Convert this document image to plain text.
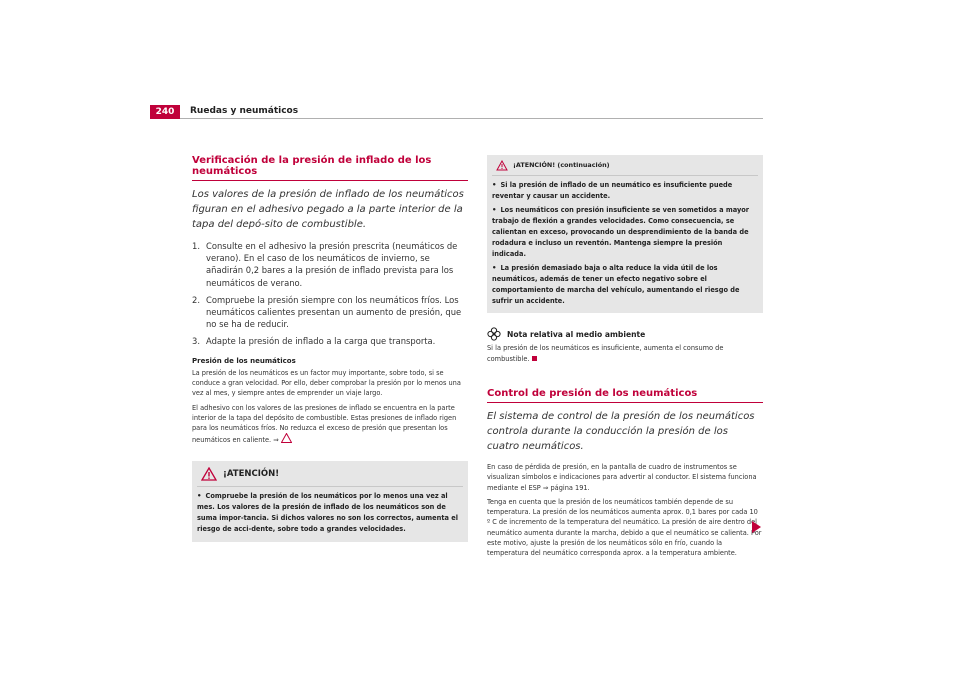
240	Ruedas y neumáticos
Verificación de la presión de inflado de los neumáticos
Los valores de la presión de inflado de los neumáticos figuran en el adhesivo pegado a la parte interior de la tapa del depó-sito de combustible.
1. Consulte en el adhesivo la presión prescrita (neumáticos de verano). En el caso de los neumáticos de invierno, se añadirán 0,2 bares a la presión de inflado prevista para los neumáticos de verano.
2. Compruebe la presión siempre con los neumáticos fríos. Los neumáticos calientes presentan un aumento de presión, que no se ha de reducir.
3. Adapte la presión de inflado a la carga que transporta.
Presión de los neumáticos

La presión de los neumáticos es un factor muy importante, sobre todo, si se conduce a gran velocidad. Por ello, deber comprobar la presión por lo menos una vez al mes, y siempre antes de emprender un viaje largo.

El adhesivo con los valores de las presiones de inflado se encuentra en la parte interior de la tapa del depósito de combustible. Estas presiones de inflado rigen para los neumáticos fríos. No reduzca el exceso de presión que presentan los neumáticos en caliente. ⇒

¡ATENCIÓN!
• Compruebe la presión de los neumáticos por lo menos una vez al mes. Los valores de la presión de inflado de los neumáticos son de suma impor-tancia. Si dichos valores no son los correctos, aumenta el riesgo de acci-dente, sobre todo a grandes velocidades.
¡ATENCIÓN! (continuación)
• Si la presión de inflado de un neumático es insuficiente puede reventar y causar un accidente.
• Los neumáticos con presión insuficiente se ven sometidos a mayor trabajo de flexión a grandes velocidades. Como consecuencia, se calientan en exceso, provocando un desprendimiento de la banda de rodadura e incluso un reventón. Mantenga siempre la presión indicada.
• La presión demasiado baja o alta reduce la vida útil de los neumáticos, además de tener un efecto negativo sobre el comportamiento de marcha del vehículo, aumentando el riesgo de sufrir un accidente.
Nota relativa al medio ambiente
Si la presión de los neumáticos es insuficiente, aumenta el consumo de combustible.
Control de presión de los neumáticos
El sistema de control de la presión de los neumáticos controla durante la conducción la presión de los cuatro neumáticos.

En caso de pérdida de presión, en la pantalla de cuadro de instrumentos se visualizan símbolos e indicaciones para advertir al conductor. El sistema funciona mediante el ESP ⇒ página 191.

Tenga en cuenta que la presión de los neumáticos también depende de su temperatura. La presión de los neumáticos aumenta aprox. 0,1 bares por cada 10 º C de incremento de la temperatura del neumático. La presión de aire dentro del neumático aumenta durante la marcha, debido a que el neumático se calienta. Por este motivo, ajuste la presión de los neumáticos sólo en frío, cuando la temperatura del neumático corresponda aprox. a la temperatura ambiente.
